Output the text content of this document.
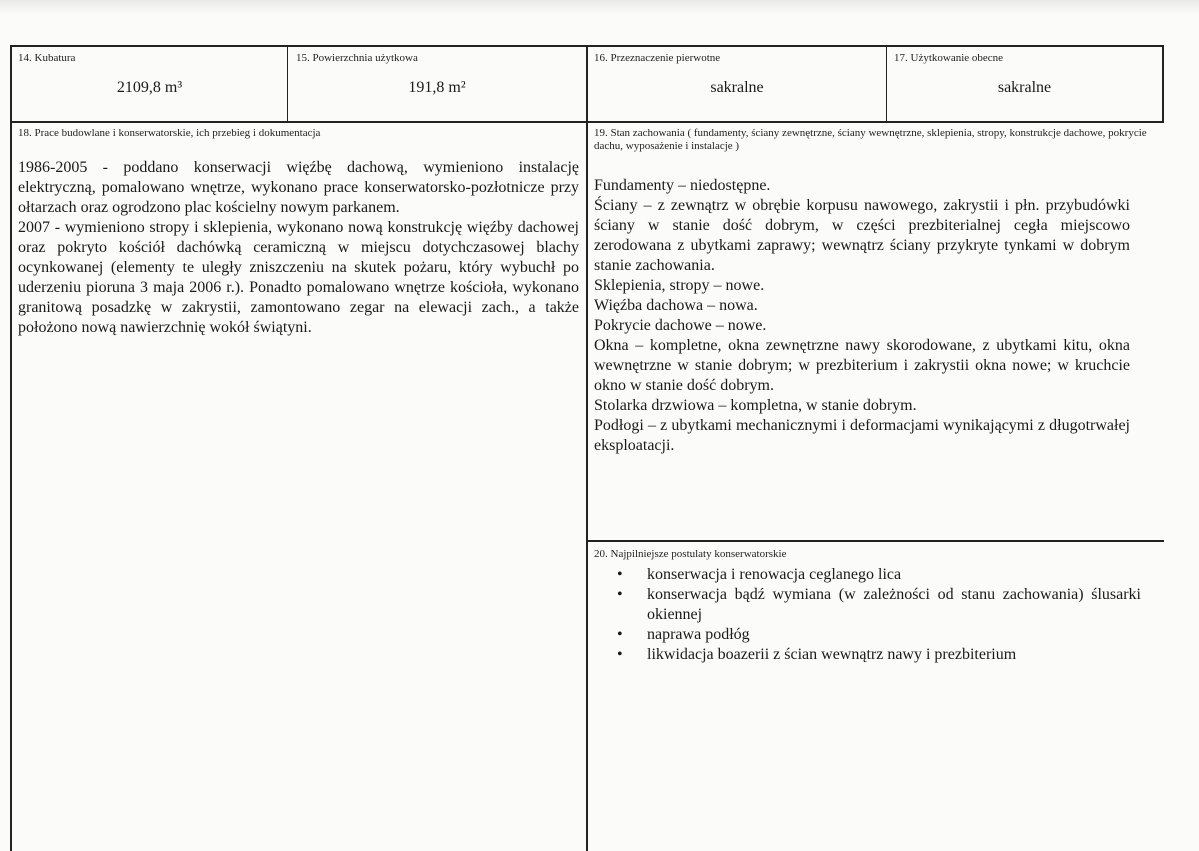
14. Kubatura
2109,8 m³
15. Powierzchnia użytkowa
191,8 m²
16. Przeznaczenie pierwotne
sakralne
17. Użytkowanie obecne
sakralne
18. Prace budowlane i konserwatorskie, ich przebieg i dokumentacja

1986-2005 - poddano konserwacji więźbę dachową, wymieniono instalację elektryczną, pomalowano wnętrze, wykonano prace konserwatorsko-pozłotnicze przy ołtarzach oraz ogrodzono plac kościelny nowym parkanem.

2007 - wymieniono stropy i sklepienia, wykonano nową konstrukcję więźby dachowej oraz pokryto kościół dachówką ceramiczną w miejscu dotychczasowej blachy ocynkowanej (elementy te uległy zniszczeniu na skutek pożaru, który wybuchł po uderzeniu pioruna 3 maja 2006 r.). Ponadto pomalowano wnętrze kościoła, wykonano granitową posadzkę w zakrystii, zamontowano zegar na elewacji zach., a także położono nową nawierzchnię wokół świątyni.

19. Stan zachowania ( fundamenty, ściany zewnętrzne, ściany wewnętrzne, sklepienia, stropy, konstrukcje dachowe, pokrycie dachu, wyposażenie i instalacje )

Fundamenty – niedostępne.

Ściany – z zewnątrz w obrębie korpusu nawowego, zakrystii i płn. przybudówki ściany w stanie dość dobrym, w części prezbiterialnej cegła miejscowo zerodowana z ubytkami zaprawy; wewnątrz ściany przykryte tynkami w dobrym stanie zachowania.

Sklepienia, stropy – nowe.

Więźba dachowa – nowa.

Pokrycie dachowe – nowe.

Okna – kompletne, okna zewnętrzne nawy skorodowane, z ubytkami kitu, okna wewnętrzne w stanie dobrym; w prezbiterium i zakrystii okna nowe; w kruchcie okno w stanie dość dobrym.

Stolarka drzwiowa – kompletna, w stanie dobrym.

Podłogi – z ubytkami mechanicznymi i deformacjami wynikającymi z długotrwałej eksploatacji.

20. Najpilniejsze postulaty konserwatorskie
•	konserwacja i renowacja ceglanego lica
•	konserwacja bądź wymiana (w zależności od stanu zachowania) ślusarki okiennej
•	naprawa podłóg
•	likwidacja boazerii z ścian wewnątrz nawy i prezbiterium
